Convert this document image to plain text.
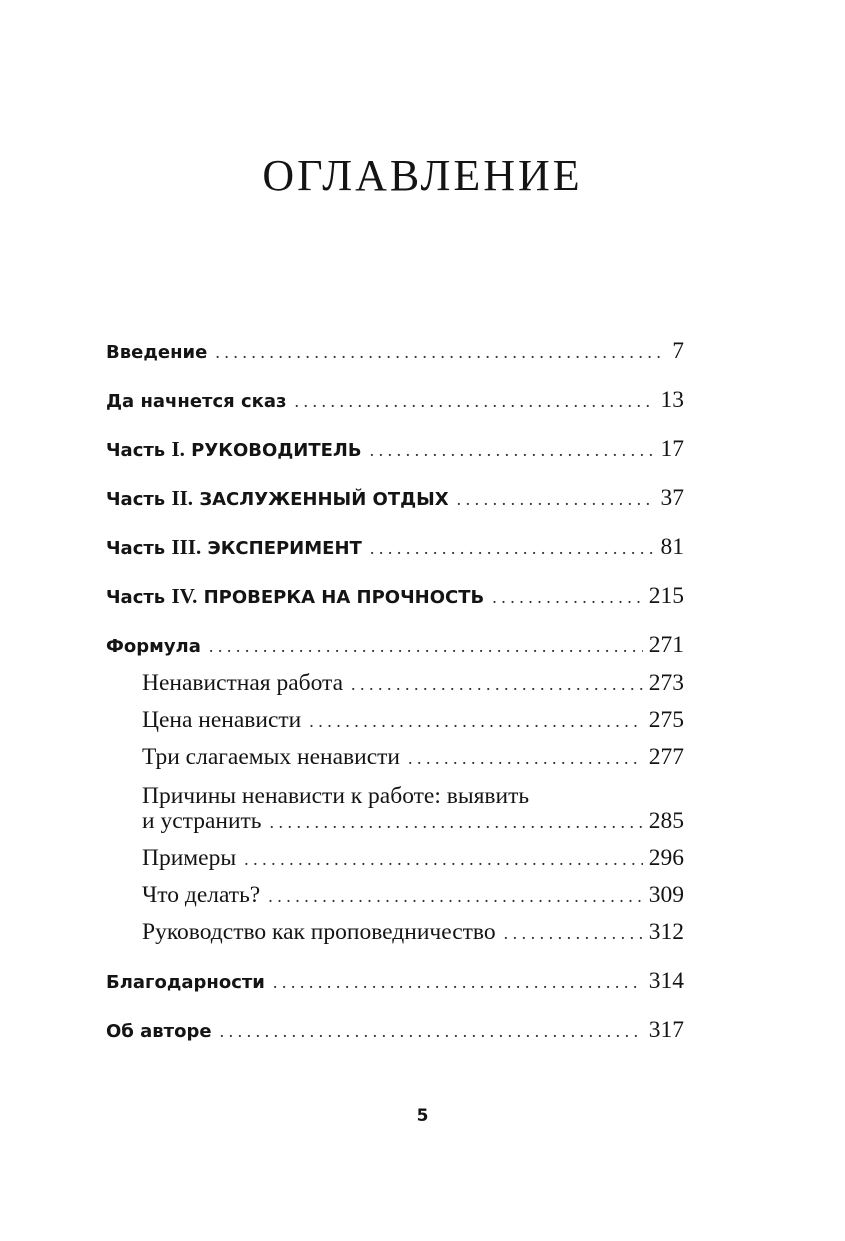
ОГЛАВЛЕНИЕ
Введение . . .	7
Да начнется сказ . . .	13
Часть I. РУКОВОДИТЕЛЬ . . .	17
Часть II. ЗАСЛУЖЕННЫЙ ОТДЫХ . . .	37
Часть III. ЭКСПЕРИМЕНТ . . .	81
Часть IV. ПРОВЕРКА НА ПРОЧНОСТЬ . . .	215
Формула . . .	271
Ненавистная работа . . .	273
Цена ненависти . . .	275
Три слагаемых ненависти . . .	277
Причины ненависти к работе: выявить
и устранить . . .	285
Примеры . . .	296
Что делать? . . .	309
Руководство как проповедничество . . .	312
Благодарности . . .	314
Об авторе . . .	317
5
